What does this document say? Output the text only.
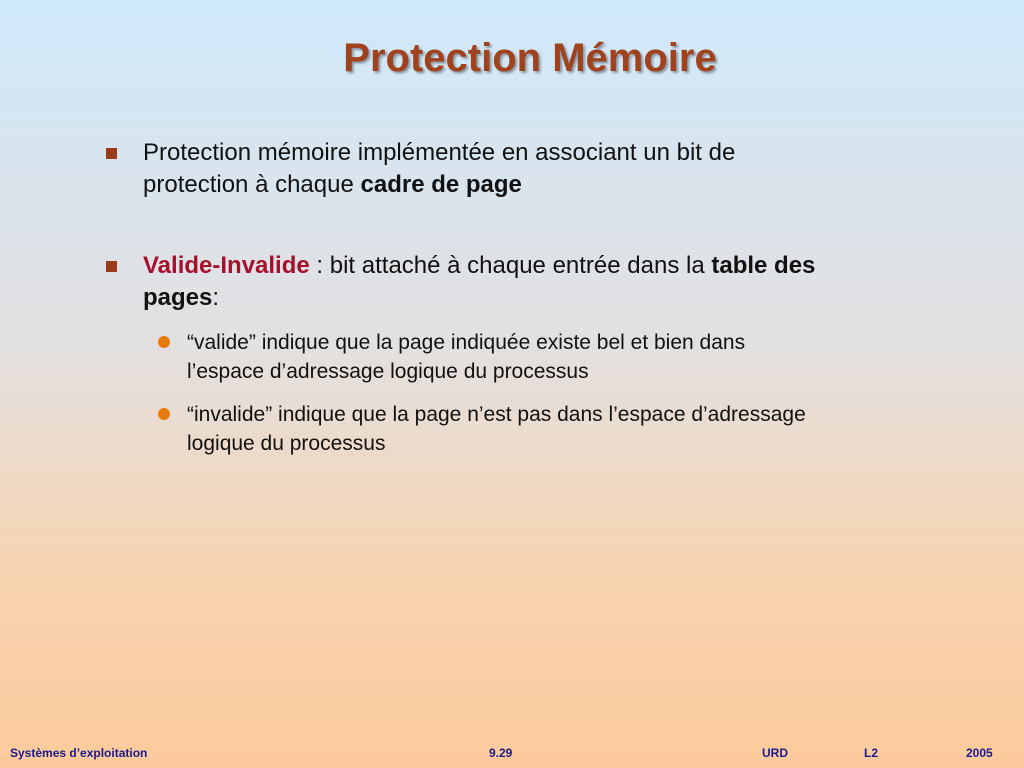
Protection Mémoire
Protection mémoire implémentée en associant un bit de
protection à chaque cadre de page
Valide-Invalide : bit attaché à chaque entrée dans la table des
pages:
“valide” indique que la page indiquée existe bel et bien dans
l’espace d’adressage logique du processus
“invalide” indique que la page n’est pas dans l’espace d’adressage
logique du processus
Systèmes d’exploitation	9.29	URD	L2	2005
